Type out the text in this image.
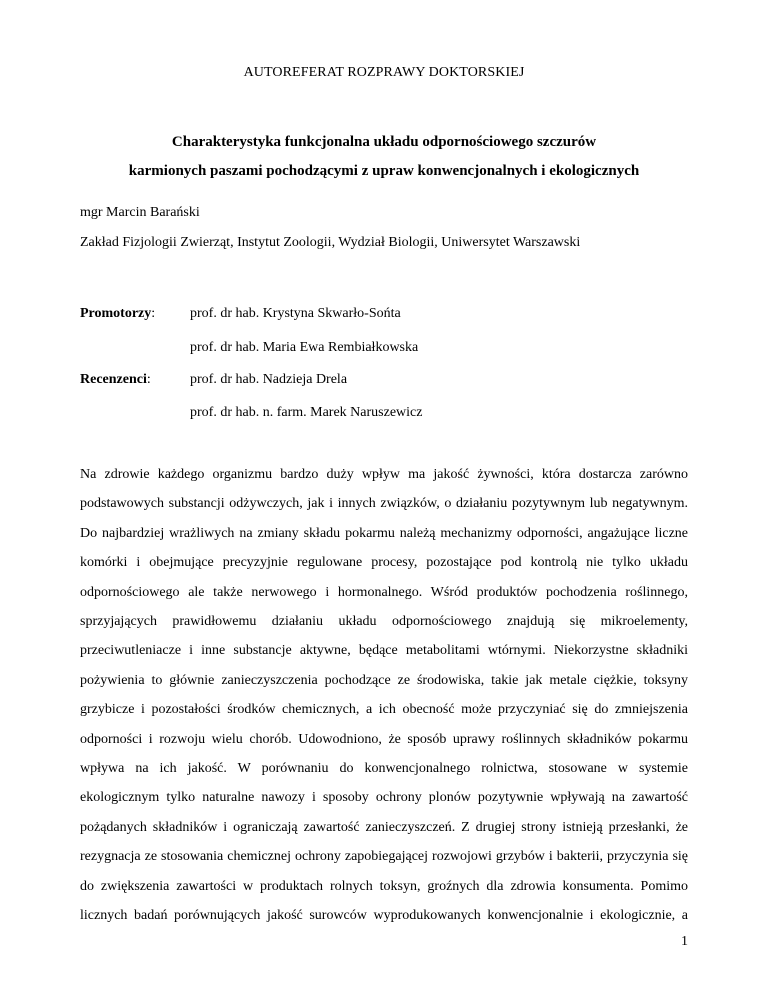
AUTOREFERAT ROZPRAWY DOKTORSKIEJ
Charakterystyka funkcjonalna układu odpornościowego szczurów
karmionych paszami pochodzącymi z upraw konwencjonalnych i ekologicznych
mgr Marcin Barański
Zakład Fizjologii Zwierząt, Instytut Zoologii, Wydział Biologii, Uniwersytet Warszawski
Promotorzy: prof. dr hab. Krystyna Skwarło-Sońta
prof. dr hab. Maria Ewa Rembiałkowska
Recenzenci:	prof. dr hab. Nadzieja Drela
prof. dr hab. n. farm. Marek Naruszewicz
Na zdrowie każdego organizmu bardzo duży wpływ ma jakość żywności, która dostarcza zarówno podstawowych substancji odżywczych, jak i innych związków, o działaniu pozytywnym lub negatywnym. Do najbardziej wrażliwych na zmiany składu pokarmu należą mechanizmy odporności, angażujące liczne komórki i obejmujące precyzyjnie regulowane procesy, pozostające pod kontrolą nie tylko układu odpornościowego ale także nerwowego i hormonalnego. Wśród produktów pochodzenia roślinnego, sprzyjających prawidłowemu działaniu układu odpornościowego znajdują się mikroelementy, przeciwutleniacze i inne substancje aktywne, będące metabolitami wtórnymi. Niekorzystne składniki pożywienia to głównie zanieczyszczenia pochodzące ze środowiska, takie jak metale ciężkie, toksyny grzybicze i pozostałości środków chemicznych, a ich obecność może przyczyniać się do zmniejszenia odporności i rozwoju wielu chorób. Udowodniono, że sposób uprawy roślinnych składników pokarmu wpływa na ich jakość. W porównaniu do konwencjonalnego rolnictwa, stosowane w systemie ekologicznym tylko naturalne nawozy i sposoby ochrony plonów pozytywnie wpływają na zawartość pożądanych składników i ograniczają zawartość zanieczyszczeń. Z drugiej strony istnieją przesłanki, że rezygnacja ze stosowania chemicznej ochrony zapobiegającej rozwojowi grzybów i bakterii, przyczynia się do zwiększenia zawartości w produktach rolnych toksyn, groźnych dla zdrowia konsumenta. Pomimo licznych badań porównujących jakość surowców wyprodukowanych konwencjonalnie i ekologicznie, a
1
